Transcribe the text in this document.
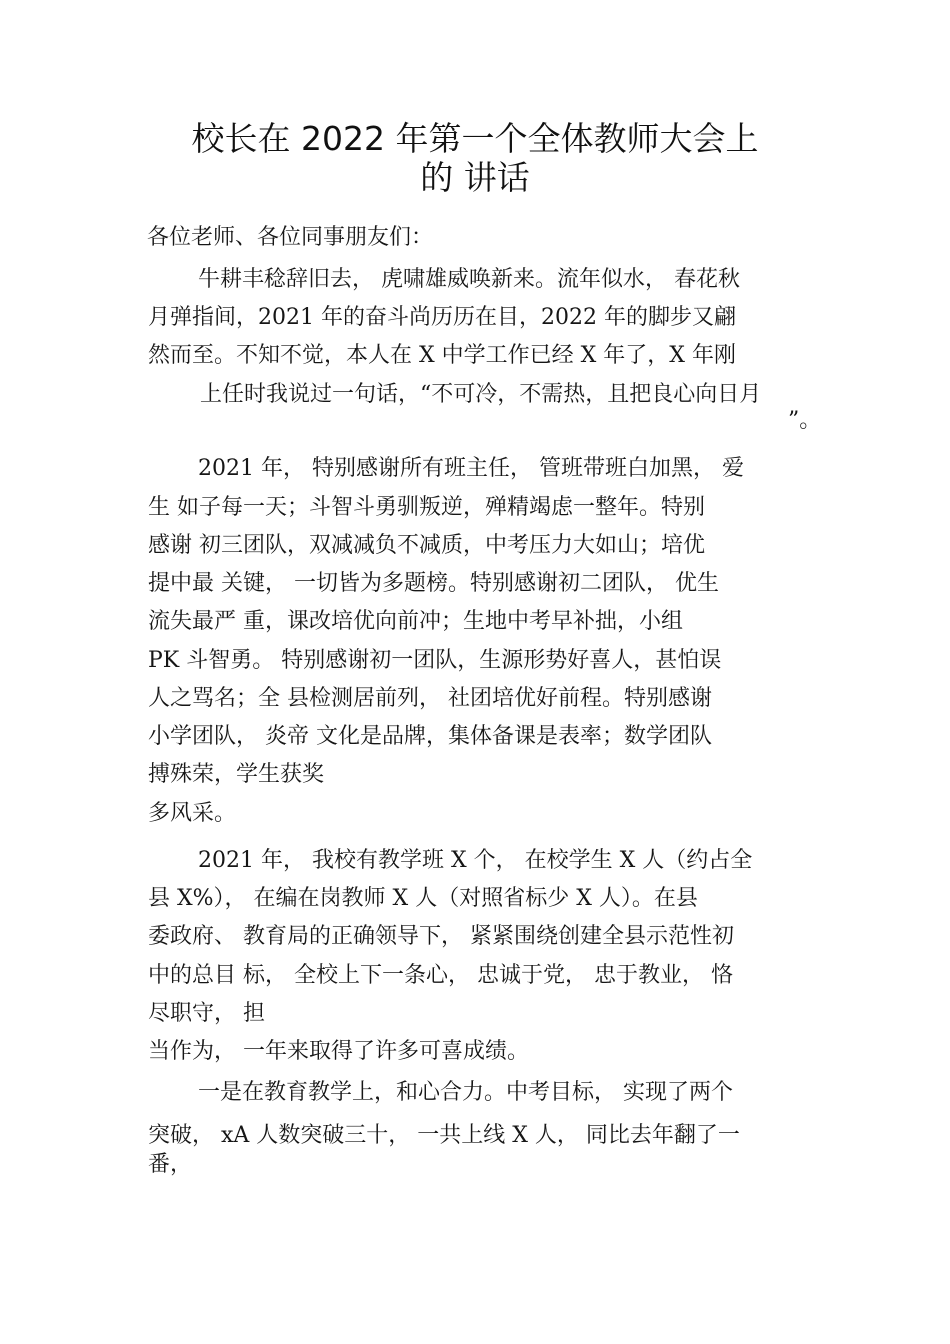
校长在 2022 年第一个全体教师大会上
的 讲话
各位老师、各位同事朋友们：
牛耕丰稔辞旧去， 虎啸雄威唤新来。流年似水， 春花秋
月弹指间，2021 年的奋斗尚历历在目，2022 年的脚步又翩
然而至。不知不觉，本人在 X 中学工作已经 X 年了，X 年刚
上任时我说过一句话，“不可冷，不需热，且把良心向日月
”。
2021 年， 特别感谢所有班主任， 管班带班白加黑， 爱
生 如子每一天；斗智斗勇驯叛逆，殚精竭虑一整年。特别
感谢 初三团队，双减减负不减质，中考压力大如山；培优
提中最 关键， 一切皆为多题榜。特别感谢初二团队， 优生
流失最严 重，课改培优向前冲；生地中考早补拙，小组
PK 斗智勇。 特别感谢初一团队，生源形势好喜人，甚怕误
人之骂名；全 县检测居前列， 社团培优好前程。特别感谢
小学团队， 炎帝 文化是品牌，集体备课是表率；数学团队
搏殊荣，学生获奖
多风采。
2021 年， 我校有教学班 X 个， 在校学生 X 人（约占全
县 X%）， 在编在岗教师 X 人（对照省标少 X 人）。在县
委政府、 教育局的正确领导下， 紧紧围绕创建全县示范性初
中的总目 标， 全校上下一条心， 忠诚于党， 忠于教业， 恪
尽职守， 担
当作为， 一年来取得了许多可喜成绩。
一是在教育教学上，和心合力。中考目标， 实现了两个
突破， xA 人数突破三十， 一共上线 X 人， 同比去年翻了一
番，
